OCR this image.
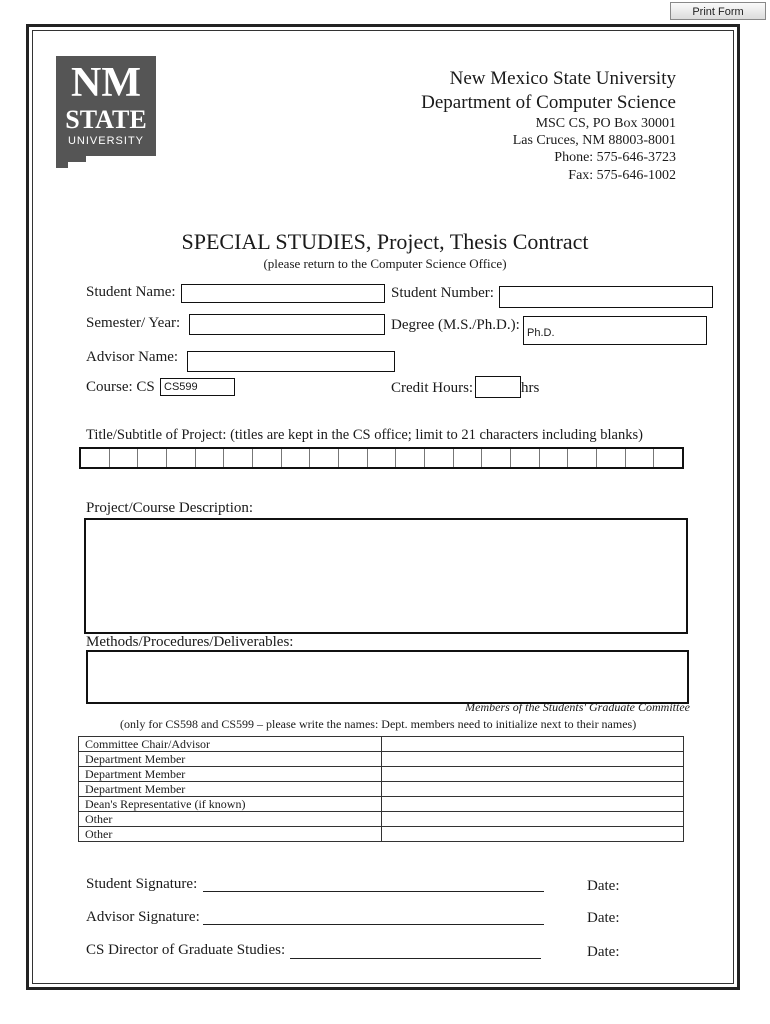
Print Form
NM
STATE
UNIVERSITY
New Mexico State University
Department of Computer Science
MSC CS, PO Box 30001
Las Cruces, NM 88003-8001
Phone: 575-646-3723
Fax: 575-646-1002
SPECIAL STUDIES, Project, Thesis Contract
(please return to the Computer Science Office)
Student Name:	Student Number:
Semester/ Year:	Degree (M.S./Ph.D.): Ph.D.
Advisor Name:
Course: CS CS599	Credit Hours:	hrs
Title/Subtitle of Project: (titles are kept in the CS office; limit to 21 characters including blanks)
Project/Course Description:
Methods/Procedures/Deliverables:
Members of the Students' Graduate Committee
(only for CS598 and CS599 – please write the names: Dept. members need to initialize next to their names)
Committee Chair/Advisor	
Department Member	
Department Member	
Department Member	
Dean's Representative (if known)	
Other	
Other	
Student Signature:	Date:
Advisor Signature:	Date:
CS Director of Graduate Studies:	Date:
